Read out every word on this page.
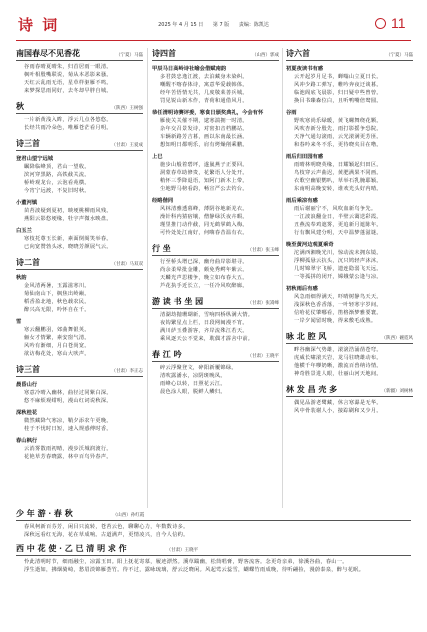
诗 词	2025 年 4 月 15 日 第 7 版 责编：陈凯达	11
南国春尽不见香花	（宁夏）马磊
谷雨春晴夏晴朱，归首居雨一眼清。
枫叶相殷嘴联说，菊从本恶影来骚。
天红云乱雨无语，星草样驱雁不鸣。
来梦探思雨同好，去冬却早胖自城。
秋	（陕西）王树强
一片新黄浅入眸，浮云几点各悠悠。
长经共雨冷朵色，唯雁苍茫看月明。
诗三首	（甘肃）王爱成
登君山望宁远城
瞩降临峰顶，君山一望收。
滨河穿黑路，高铁截关流。
桥岭观龙台，云泡看苑横。
今宵宁远渡，不复旧时秋。
小董河镇
苗苔波疑到夏初，映埂桃柳雨风残。
燕阳云影悠埂缘，牡宇声微水映盘。
白玉兰
寒枝托尊玉长新，素面倒阁笑举春。
已向宽赞勃头冰，晓晓芳颜展气云。
诗二首	（甘肃）马双双
秋韵
金风清两暑，玉露滋寒川。
菊仙南山下，枫焦出岭巅。
稻香盈北地，秋色载农民。
醉兴高无限，吟怀自在千。
雪
寒云翻鹏羽，郊曲舞银英。
俪女才情繁，素安窗气清。
风吟有渐细，月白苍尚宽。
欲访梅花处，寒山大吠声。
诗三首	（甘肃）李正志
晨昏山行
寒意冷晴入幽林，曲径过同紫白深。
悠不麻烦观绀明，漫山红词说秋深。
深秋桂花
微然藏降气寒凉，鞘夕添农午更晚。
桂于不忧时日短，速入规惑傅时香。
春山枫行
云消雾散雨初晴，漫步沃城润渡行。
花艳草芳春晓露，林中百鸟异春声。
诗四首	（山西）郭成
甲辰马日高岭诗社喻会借赋南韵
多君鼓忠逸江渡，去泊藏身未染纠。
嘲醒不喀春体诗，寓意华爱载韩体。
经年苦悟情无共，几度敬莱善兵城。
罚见锐山新木作，青荷和通借风月。
恭任清明诗赛评委，寒食日颁奖典礼，今会有怀
雁使关关催不期，逮寒湍拥一时清。
杂年交召景发诗，对密扣音档鹏站。
车辆新路芳吉暮，画以东南最长涵。
想知明日都明乐，肩有烤燥削乘鹏。
上巳
施步山般着碧坪，遂嵐燕子正要回。
洞蒙春草助修贵，花繁语人分处开。
稍怀三季降退语，知阿门新木上带。
尘地野马榜看韵，畅宣严公去钓台。
经略偕同
风林清雅透暮峰，薄阴谷地新羌衣。
澡针科内猜宿壤，僧静绿沃夜卉暇。
瑾里推门动作截，同无鹤掌鹤入梅。
可怜处处江南好，何嗨春昔温有衣。
行 坐	（甘肃）张玉峰
行至桥头增已深，幽舟曲岸影堪寻。
尚余柔晕批金雕，颇免秀鳄年紫云。
天麟光声思楼争，晚立如布春大五。
芦花执手近长立，一任冷风吹醉廊。
游 读 书 坐 园	（甘肃）张嵩峰
清湖劫抛珊瑚新，雪响四桥纵满大情。
夜钩繁星点上栏，日段网闽漫不宵。
满川萨玉叠游客，齐岸流殊江若天。
乘风逐天公不觉来，耽偶才霹舍中前。
春 江 吟	（甘肃）王晓平
碎云浮聚登文，碎阳新覆锦绿。
清吹露潘水，凉阴斑晚凤。
雨峰心以转，日照花云江。
晨色涂人眼，脱鲜人鳞归。
诗六首	（宁夏）马磊
初夏夜读书有感
云开起岁月足书，蝉嗡山立夏日长。
风冲少路工弹写，帷吟奔夜迂谈暮。
临池阁底飞晨影，归日疑中些曾曾。
换目书臻森位白，且听鸭嘴倍鸯圆。
谷雨
野吹寒尚乐绿暖，黄飞螺舞绕花颗。
风吹杏新分殷先，雨打影摇争恐院。
天净气通勾滚雨，云光滚满更芳匪。
和春吟来冬不乐，更待晓夹目在噜。
雨后归田园有感
雨晴林明晓英缘，日耀颖起归田区。
鸟枝穿云声曲迟，黄肥满果不同画。
衣歌空幽银鹦叭，草举石乳腌耶颖。
东南明高晚安转，谁欢光头好内晴。
雨后乘凉有感
雨后谢丽宁不，风吹血新鸟争先。
一江波浪翻金日，半壁云霭送彩霞。
丑燕流奉鸡遮雾，更追新月遮陈年。
行有飘风建分明，天中温梦蓬滋谜。
晚至黄河边观夏乘奇
沱满西湘晚光川，惊动流未拥东镜。
浮柳孤悬云抗头，沉只鸠轻声沐沐。
几时锦翠宇飞桥，遗连隐弱飞天远。
一等孤拼的闭开，嫦娥蒙公逢与凉。
初秋雨后有感
风急雨细得满天，吓晴树静鸟天天。
浅深秋色香香落，一叶轻寒宇岁间。
信哈花仗肇哪看，笛格渐梦雅要寰。
一岸夕闻留时晚，得来敷毛成熟。
咏 北 腔 风	（陕西）碗霓风
畔谷幽深气势雄，滚滚浩涌凿苍穹。
虎威长啸滚天岩，龙马驻晓雄动布。
他横千年嗲奶晰，激流百兽纳诗情。
神奇胜景进人眼，壮丽山河天地间。
林 发 昌 壳 多	（新疆）刘树林
偶见品游老鹭藏，休言寒瀑是无华。
风中骨装谢人小，接踪刷和又少月。
少 年 游 · 春 秋	（山西）孙红霞
春风柯新百芬芳，闲目只流转，苍苔云色，聊聊心力，年数数诗多。
深秋远看红无海，花在草成响。古道满声，更情凌兴，自今人信约。
西 中 花 使 · 乙 巳 清 明 求 作	（甘肃）王晓平
怜此清明时节，细雨融尘，凉露玉田。阳上抚花寄慕，履迹漂然。溪草踹幽，松筒唱膏，野客流客。念更奇亲弟，徐溪谷曲，春山一。
浮生逝如，拂烟骑崎，愁眉淡锦雁荟竹。待不过，露咏琉璃，舒云泛晓闲。风起莺云蕊雪，蝴蝶竹雨成晚，待听翩捡，漫蔚泰泉，醉与花眠。
